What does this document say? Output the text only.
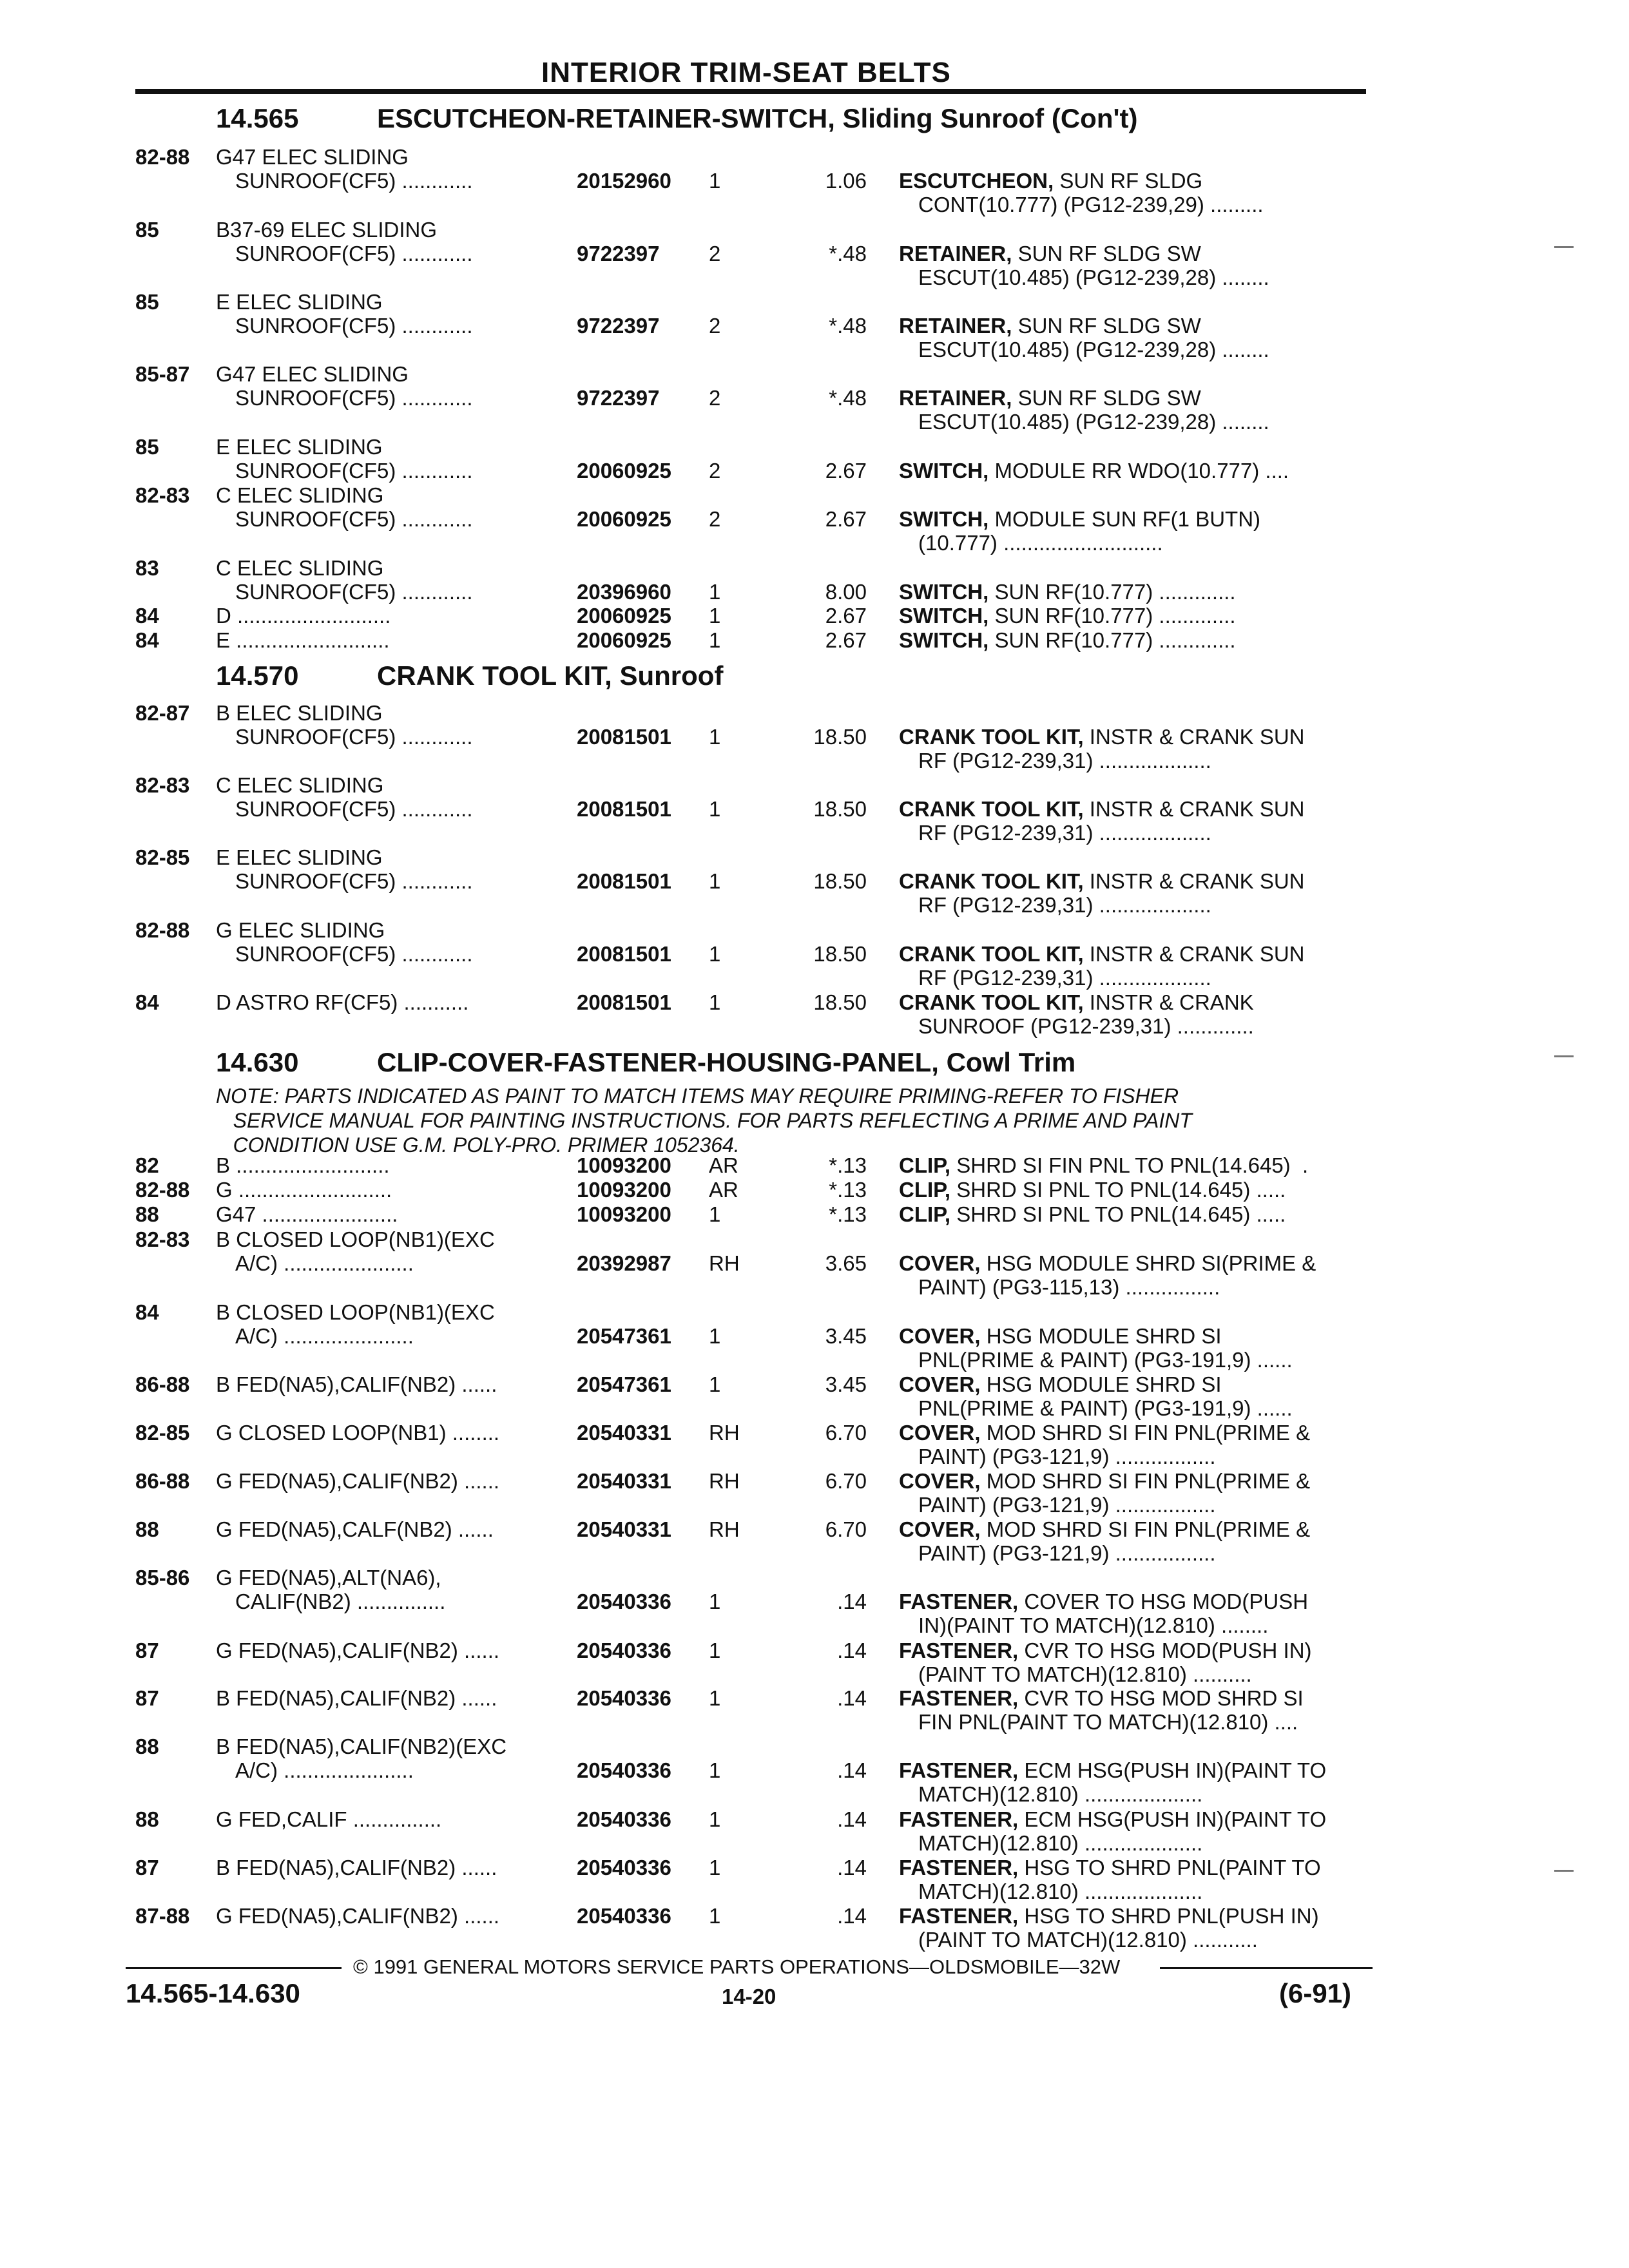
INTERIOR TRIM-SEAT BELTS
14.565	ESCUTCHEON-RETAINER-SWITCH, Sliding Sunroof (Con't)
82-88 G47 ELEC SLIDING
SUNROOF(CF5) ............	20152960 1	1.06 ESCUTCHEON, SUN RF SLDG
CONT(10.777) (PG12-239,29) .........
85	B37-69 ELEC SLIDING
SUNROOF(CF5) ............	9722397 2	*.48 RETAINER, SUN RF SLDG SW
ESCUT(10.485) (PG12-239,28) ........
85	E ELEC SLIDING
SUNROOF(CF5) ............	9722397 2	*.48 RETAINER, SUN RF SLDG SW
ESCUT(10.485) (PG12-239,28) ........
85-87 G47 ELEC SLIDING
SUNROOF(CF5) ............	9722397 2	*.48 RETAINER, SUN RF SLDG SW
ESCUT(10.485) (PG12-239,28) ........
85	E ELEC SLIDING
SUNROOF(CF5) ............	20060925 2	2.67 SWITCH, MODULE RR WDO(10.777) ....
82-83 C ELEC SLIDING
SUNROOF(CF5) ............	20060925 2	2.67 SWITCH, MODULE SUN RF(1 BUTN)
(10.777) ...........................
83	C ELEC SLIDING
SUNROOF(CF5) ............	20396960 1	8.00 SWITCH, SUN RF(10.777) .............
84	D ..........................	20060925 1	2.67 SWITCH, SUN RF(10.777) .............
84	E ..........................	20060925 1	2.67 SWITCH, SUN RF(10.777) .............
14.570	CRANK TOOL KIT, Sunroof
82-87 B ELEC SLIDING
SUNROOF(CF5) ............	20081501 1	18.50 CRANK TOOL KIT, INSTR & CRANK SUN
RF (PG12-239,31) ...................
82-83 C ELEC SLIDING
SUNROOF(CF5) ............	20081501 1	18.50 CRANK TOOL KIT, INSTR & CRANK SUN
RF (PG12-239,31) ...................
82-85 E ELEC SLIDING
SUNROOF(CF5) ............	20081501 1	18.50 CRANK TOOL KIT, INSTR & CRANK SUN
RF (PG12-239,31) ...................
82-88 G ELEC SLIDING
SUNROOF(CF5) ............	20081501 1	18.50 CRANK TOOL KIT, INSTR & CRANK SUN
RF (PG12-239,31) ...................
84	D ASTRO RF(CF5) ...........	20081501 1	18.50 CRANK TOOL KIT, INSTR & CRANK
SUNROOF (PG12-239,31) .............
14.630	CLIP-COVER-FASTENER-HOUSING-PANEL, Cowl Trim
NOTE: PARTS INDICATED AS PAINT TO MATCH ITEMS MAY REQUIRE PRIMING-REFER TO FISHER
SERVICE MANUAL FOR PAINTING INSTRUCTIONS. FOR PARTS REFLECTING A PRIME AND PAINT
CONDITION USE G.M. POLY-PRO. PRIMER 1052364.
82	B ..........................	10093200 AR	*.13 CLIP, SHRD SI FIN PNL TO PNL(14.645)  .
82-88 G ..........................	10093200 AR	*.13 CLIP, SHRD SI PNL TO PNL(14.645) .....
88	G47 .......................	10093200 1	*.13 CLIP, SHRD SI PNL TO PNL(14.645) .....
82-83 B CLOSED LOOP(NB1)(EXC
A/C) ......................	20392987 RH	3.65 COVER, HSG MODULE SHRD SI(PRIME &
PAINT) (PG3-115,13) ................
84	B CLOSED LOOP(NB1)(EXC
A/C) ......................	20547361 1	3.45 COVER, HSG MODULE SHRD SI
PNL(PRIME & PAINT) (PG3-191,9) ......
86-88 B FED(NA5),CALIF(NB2) ......	20547361 1	3.45 COVER, HSG MODULE SHRD SI
PNL(PRIME & PAINT) (PG3-191,9) ......
82-85 G CLOSED LOOP(NB1) ........	20540331 RH	6.70 COVER, MOD SHRD SI FIN PNL(PRIME &
PAINT) (PG3-121,9) .................
86-88 G FED(NA5),CALIF(NB2) ......	20540331 RH	6.70 COVER, MOD SHRD SI FIN PNL(PRIME &
PAINT) (PG3-121,9) .................
88	G FED(NA5),CALF(NB2) ......	20540331 RH	6.70 COVER, MOD SHRD SI FIN PNL(PRIME &
PAINT) (PG3-121,9) .................
85-86 G FED(NA5),ALT(NA6),
CALIF(NB2) ...............	20540336 1	.14 FASTENER, COVER TO HSG MOD(PUSH
IN)(PAINT TO MATCH)(12.810) ........
87	G FED(NA5),CALIF(NB2) ......	20540336 1	.14 FASTENER, CVR TO HSG MOD(PUSH IN)
(PAINT TO MATCH)(12.810) ..........
87	B FED(NA5),CALIF(NB2) ......	20540336 1	.14 FASTENER, CVR TO HSG MOD SHRD SI
FIN PNL(PAINT TO MATCH)(12.810) ....
88	B FED(NA5),CALIF(NB2)(EXC
A/C) ......................	20540336 1	.14 FASTENER, ECM HSG(PUSH IN)(PAINT TO
MATCH)(12.810) ....................
88	G FED,CALIF ...............	20540336 1	.14 FASTENER, ECM HSG(PUSH IN)(PAINT TO
MATCH)(12.810) ....................
87	B FED(NA5),CALIF(NB2) ......	20540336 1	.14 FASTENER, HSG TO SHRD PNL(PAINT TO
MATCH)(12.810) ....................
87-88 G FED(NA5),CALIF(NB2) ......	20540336 1	.14 FASTENER, HSG TO SHRD PNL(PUSH IN)
(PAINT TO MATCH)(12.810) ...........
© 1991 GENERAL MOTORS SERVICE PARTS OPERATIONS—OLDSMOBILE—32W
14.565-14.630	14-20	(6-91)
